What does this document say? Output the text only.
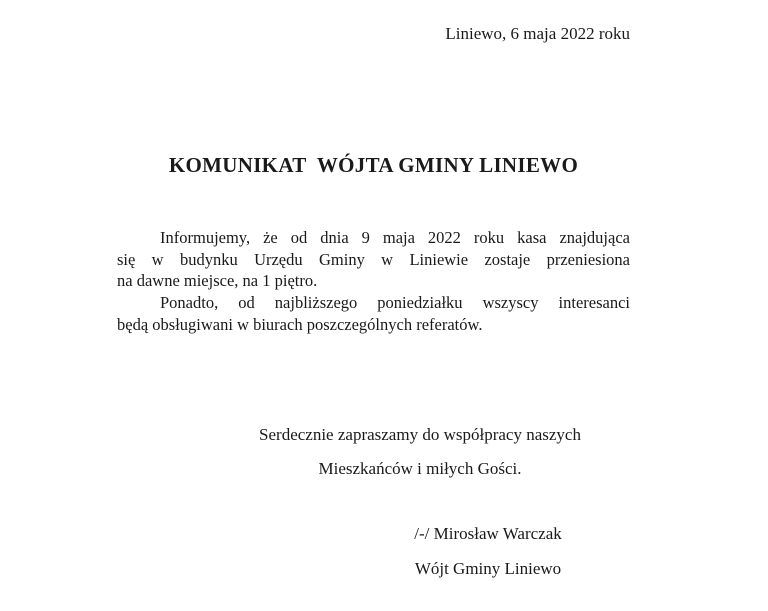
Liniewo, 6 maja 2022 roku
KOMUNIKAT  WÓJTA GMINY LINIEWO
Informujemy, że od dnia 9 maja 2022 roku kasa znajdująca
się w budynku Urzędu Gminy w Liniewie zostaje przeniesiona
na dawne miejsce, na 1 piętro.
Ponadto, od najbliższego poniedziałku wszyscy interesanci
będą obsługiwani w biurach poszczególnych referatów.
Serdecznie zapraszamy do współpracy naszych
Mieszkańców i miłych Gości.
/-/ Mirosław Warczak
Wójt Gminy Liniewo
